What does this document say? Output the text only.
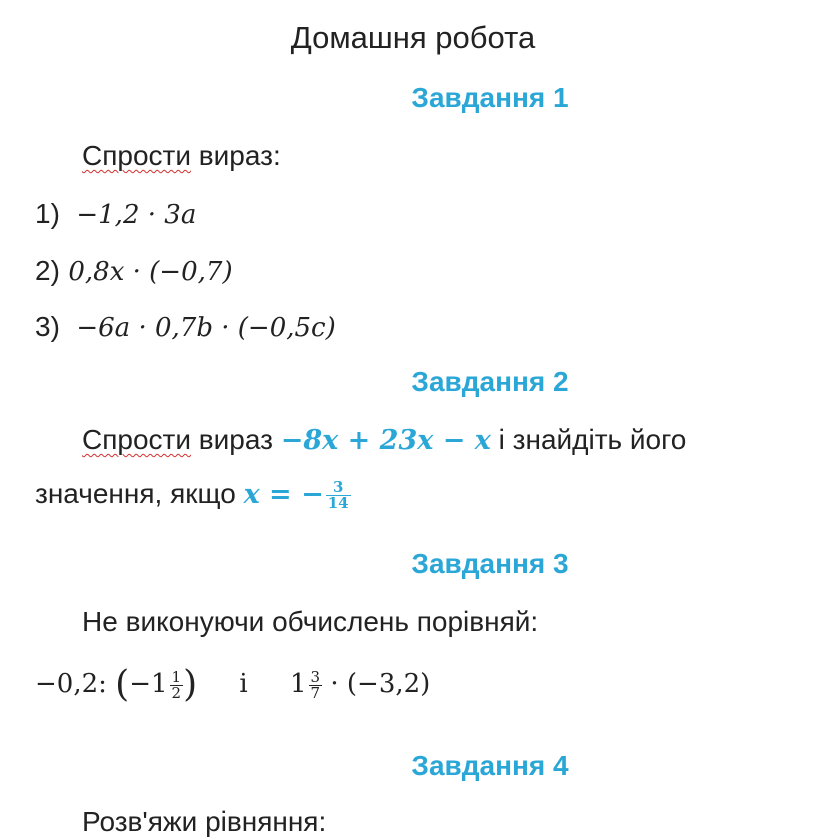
Домашня робота
Завдання 1
Спрости вираз:
1) −1,2 · 3a
2) 0,8x · (−0,7)
3) −6a · 0,7b · (−0,5c)
Завдання 2
Спрости вираз −8x + 23x − x і знайдіть його
значення, якщо x = − $\frac{3}{14}$
Завдання 3
Не виконуючи обчислень порівняй:
−0,2: ($-1 \frac{1}{2}$ ) і $1 \frac{3}{7} \cdot (-3,2)$
Завдання 4
Розв'яжи рівняння:
